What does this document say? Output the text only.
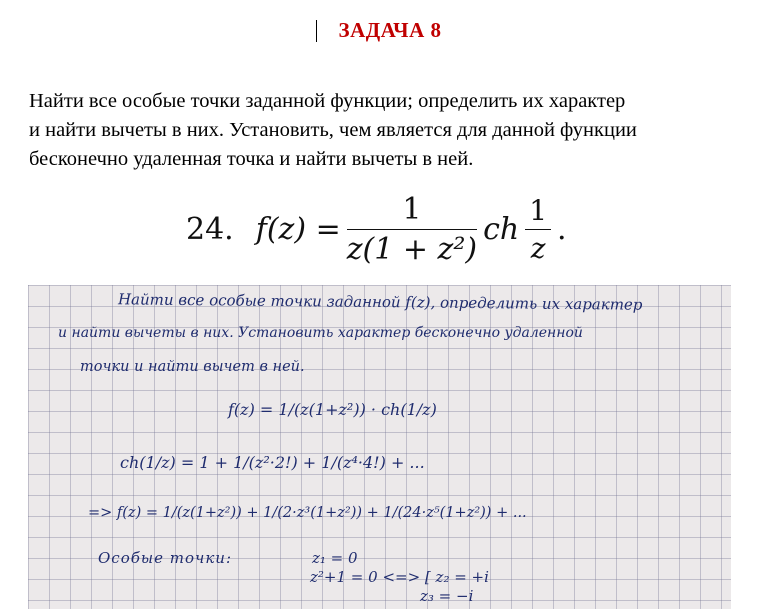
ЗАДАЧА 8
Найти все особые точки заданной функции; определить их характер
и найти вычеты в них. Установить, чем является для данной функции
бесконечно удаленная точка и найти вычеты в ней.
24. $f(z) = \frac{1}{\text{z(1 + z²)}}$ ch $\frac{1}{z}$ .
Найти все особые точки заданной f(z), определить их характер
и найти вычеты в них. Установить характер бесконечно удаленной
точки и найти вычет в ней.
f(z) = 1/(z(1+z²)) · ch(1/z)
ch(1/z) = 1 + 1/(z²·2!) + 1/(z⁴·4!) + ...
=> f(z) = 1/(z(1+z²)) + 1/(2·z³(1+z²)) + 1/(24·z⁵(1+z²)) + ...
Особые точки:	z₁ = 0
z²+1 = 0 <=> [ z₂ = +i
z₃ = −i
